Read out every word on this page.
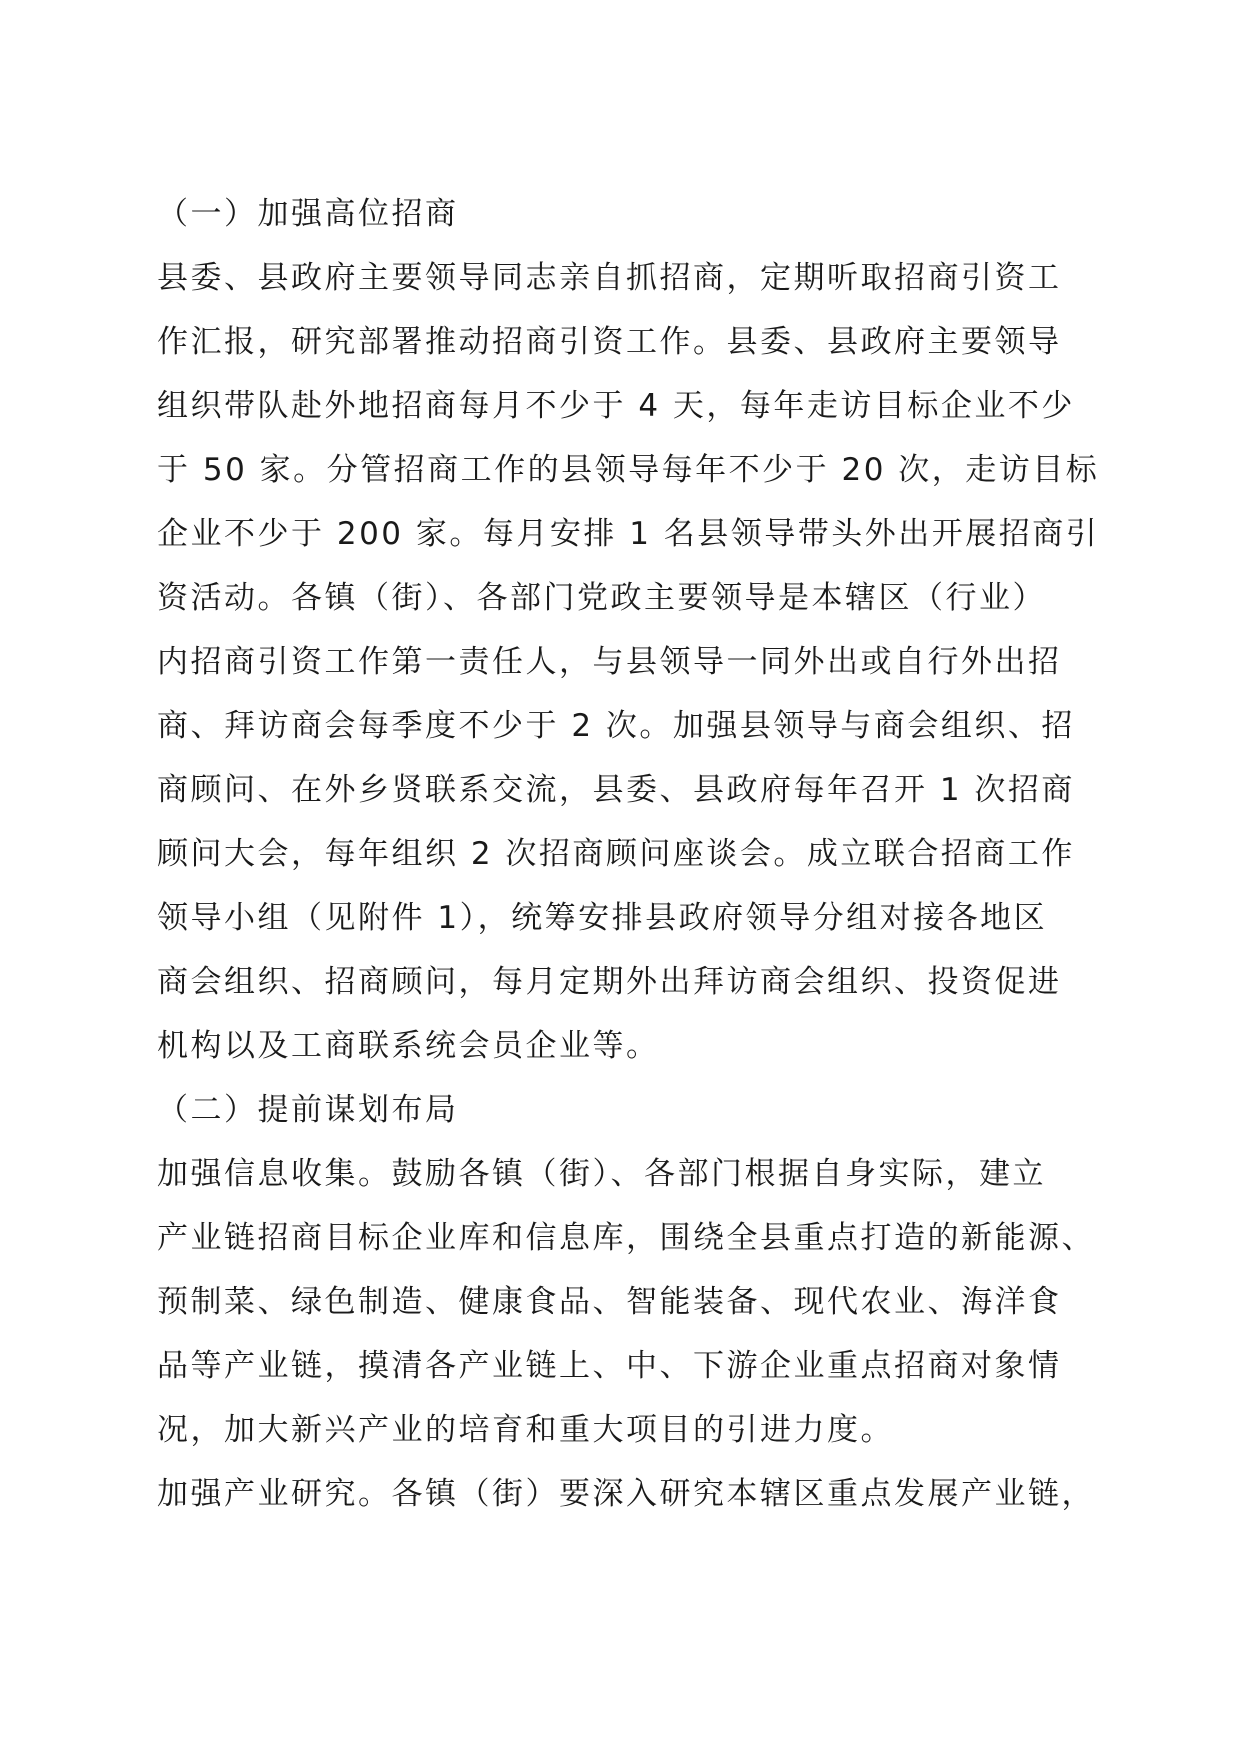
（一）加强高位招商
县委、县政府主要领导同志亲自抓招商，定期听取招商引资工
作汇报，研究部署推动招商引资工作。县委、县政府主要领导
组织带队赴外地招商每月不少于 4 天，每年走访目标企业不少
于 50 家。分管招商工作的县领导每年不少于 20 次，走访目标
企业不少于 200 家。每月安排 1 名县领导带头外出开展招商引
资活动。各镇（街）、各部门党政主要领导是本辖区（行业）
内招商引资工作第一责任人，与县领导一同外出或自行外出招
商、拜访商会每季度不少于 2 次。加强县领导与商会组织、招
商顾问、在外乡贤联系交流，县委、县政府每年召开 1 次招商
顾问大会，每年组织 2 次招商顾问座谈会。成立联合招商工作
领导小组（见附件 1），统筹安排县政府领导分组对接各地区
商会组织、招商顾问，每月定期外出拜访商会组织、投资促进
机构以及工商联系统会员企业等。
（二）提前谋划布局
加强信息收集。鼓励各镇（街）、各部门根据自身实际，建立
产业链招商目标企业库和信息库，围绕全县重点打造的新能源、
预制菜、绿色制造、健康食品、智能装备、现代农业、海洋食
品等产业链，摸清各产业链上、中、下游企业重点招商对象情
况，加大新兴产业的培育和重大项目的引进力度。
加强产业研究。各镇（街）要深入研究本辖区重点发展产业链，
